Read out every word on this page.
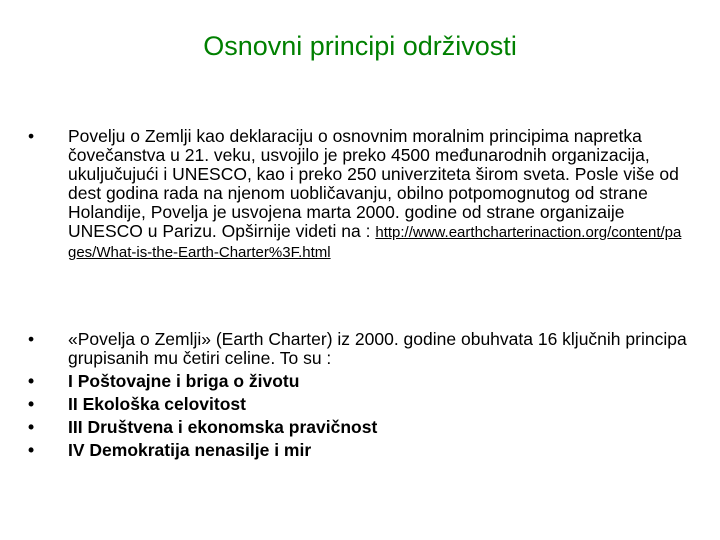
Osnovni principi održivosti
• Povelju o Zemlji kao deklaraciju o osnovnim moralnim principima napretka čovečanstva u 21. veku, usvojilo je preko 4500 međunarodnih organizacija, ukuljučujući i UNESCO, kao i preko 250 univerziteta širom sveta. Posle više od dest godina rada na njenom uobličavanju, obilno potpomognutog od strane Holandije, Povelja je usvojena marta 2000. godine od strane organizaije UNESCO u Parizu. Opširnije videti na : http://www.earthcharterinaction.org/content/pages/What-is-the-Earth-Charter%3F.html
• «Povelja o Zemlji» (Earth Charter) iz 2000. godine obuhvata 16 ključnih principa grupisanih mu četiri celine. To su :
• I Poštovajne i briga o životu
• II Ekološka celovitost
• III Društvena i ekonomska pravičnost
• IV Demokratija nenasilje i mir
